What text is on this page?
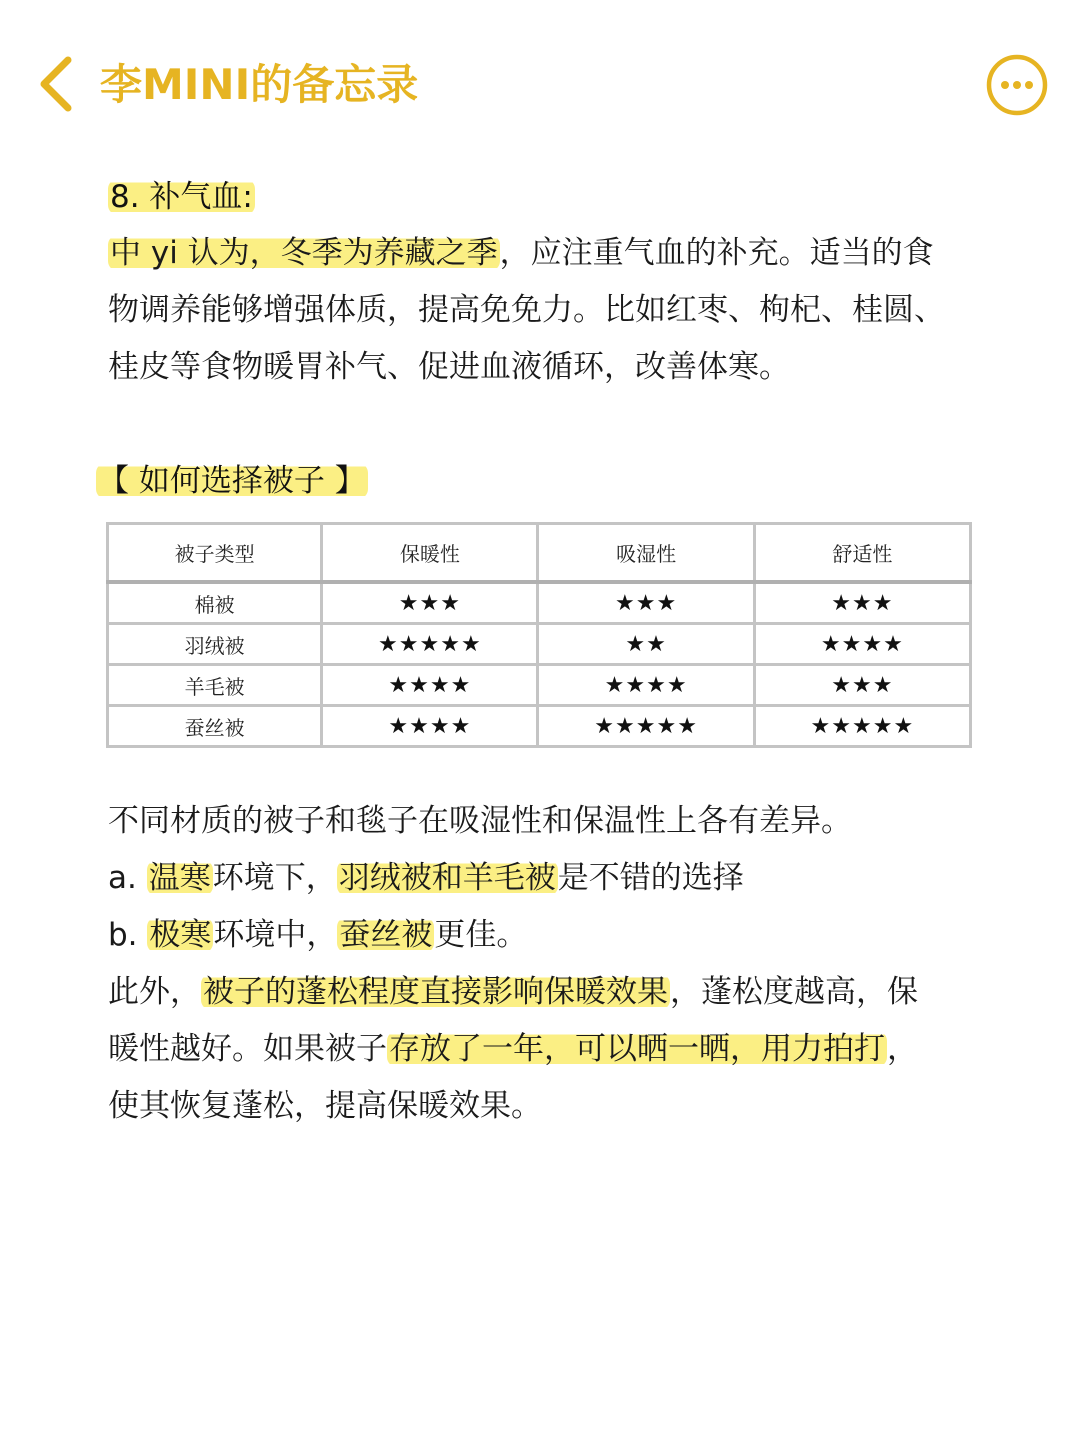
李MINI的备忘录
8. 补气血:
中 yi 认为，冬季为养藏之季，应注重气血的补充。适当的食
物调养能够增强体质，提高免免力。比如红枣、枸杞、桂圆、
桂皮等食物暖胃补气、促进血液循环，改善体寒。
【 如何选择被子 】
被子类型	保暖性	吸湿性	舒适性
棉被	★★★	★★★	★★★
羽绒被	★★★★★	★★	★★★★
羊毛被	★★★★	★★★★	★★★
蚕丝被	★★★★	★★★★★	★★★★★
不同材质的被子和毯子在吸湿性和保温性上各有差异。
a. 温寒环境下，羽绒被和羊毛被是不错的选择
b. 极寒环境中，蚕丝被更佳。
此外，被子的蓬松程度直接影响保暖效果，蓬松度越高，保
暖性越好。如果被子存放了一年，可以晒一晒，用力拍打，
使其恢复蓬松，提高保暖效果。
